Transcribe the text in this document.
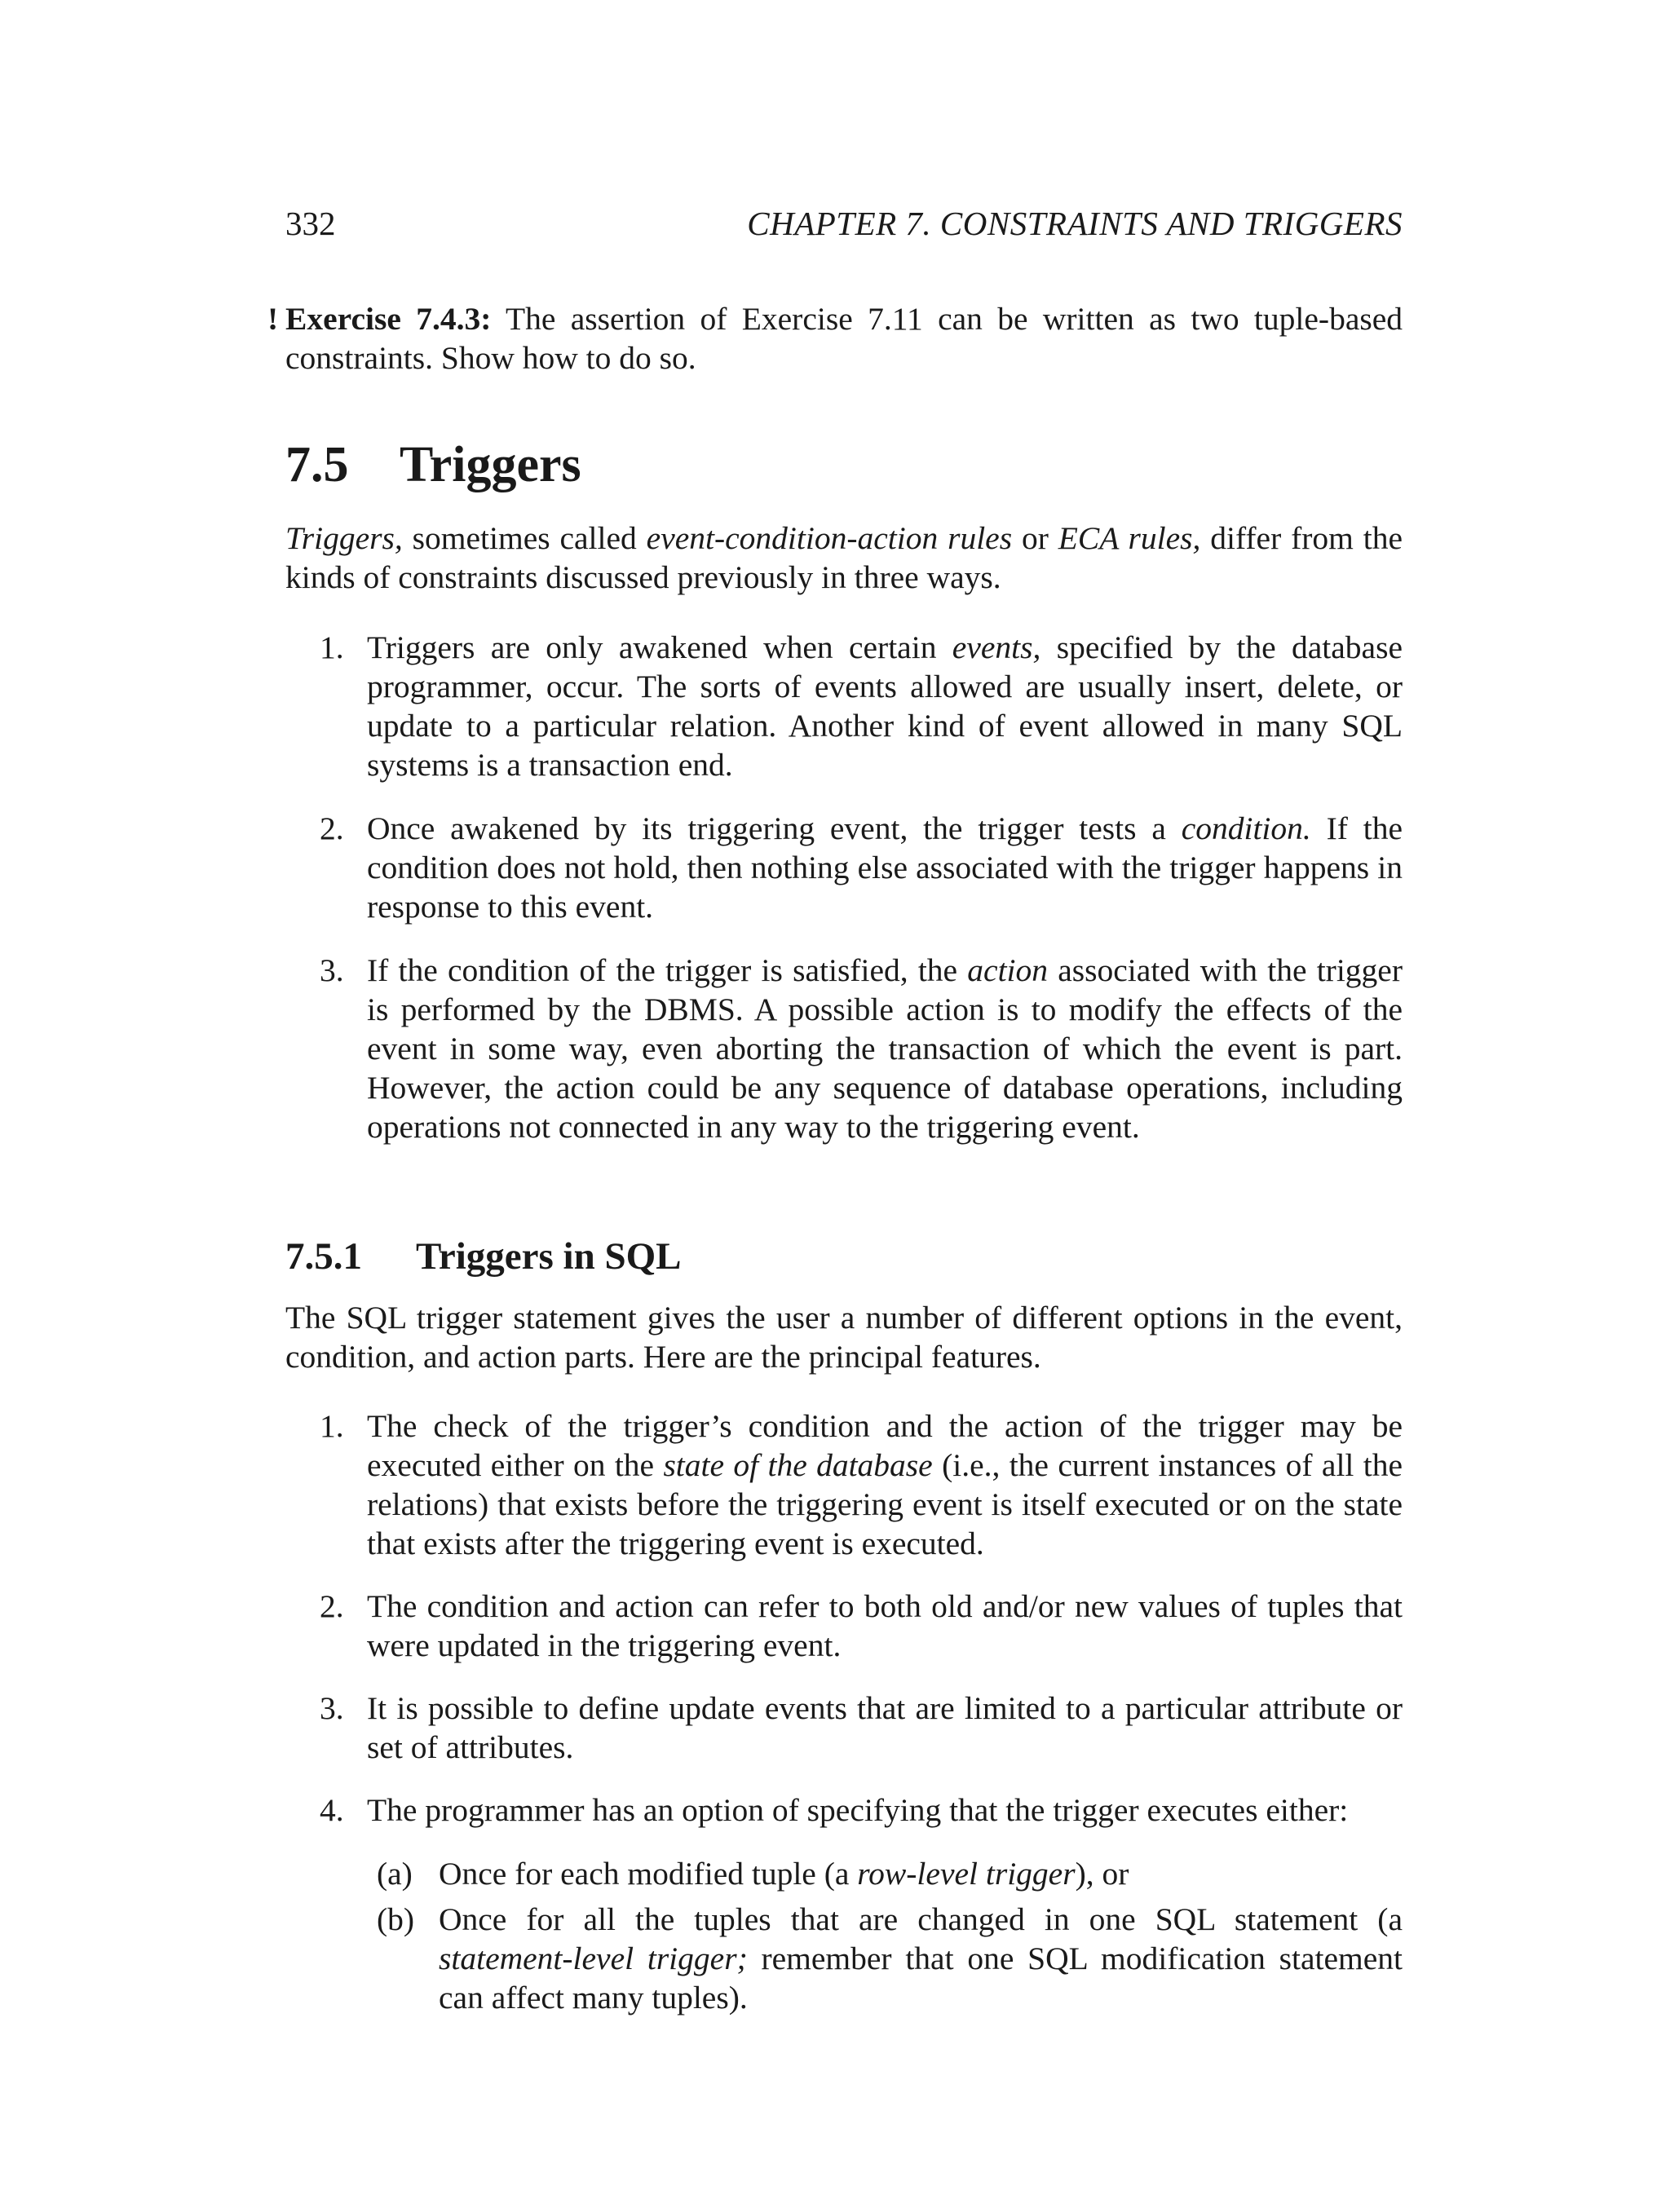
332	CHAPTER 7. CONSTRAINTS AND TRIGGERS
! Exercise 7.4.3: The assertion of Exercise 7.11 can be written as two tuple-based constraints. Show how to do so.

7.5 Triggers

Triggers, sometimes called event-condition-action rules or ECA rules, differ from the kinds of constraints discussed previously in three ways.

1. Triggers are only awakened when certain events, specified by the database programmer, occur. The sorts of events allowed are usually insert, delete, or update to a particular relation. Another kind of event allowed in many SQL systems is a transaction end.

2. Once awakened by its triggering event, the trigger tests a condition. If the condition does not hold, then nothing else associated with the trigger happens in response to this event.

3. If the condition of the trigger is satisfied, the action associated with the trigger is performed by the DBMS. A possible action is to modify the effects of the event in some way, even aborting the transaction of which the event is part. However, the action could be any sequence of database operations, including operations not connected in any way to the triggering event.

7.5.1 Triggers in SQL

The SQL trigger statement gives the user a number of different options in the event, condition, and action parts. Here are the principal features.

1. The check of the trigger’s condition and the action of the trigger may be executed either on the state of the database (i.e., the current instances of all the relations) that exists before the triggering event is itself executed or on the state that exists after the triggering event is executed.

2. The condition and action can refer to both old and/or new values of tuples that were updated in the triggering event.

3. It is possible to define update events that are limited to a particular attribute or set of attributes.

4. The programmer has an option of specifying that the trigger executes either:

(a) Once for each modified tuple (a row-level trigger), or

(b) Once for all the tuples that are changed in one SQL statement (a statement-level trigger; remember that one SQL modification statement can affect many tuples).
